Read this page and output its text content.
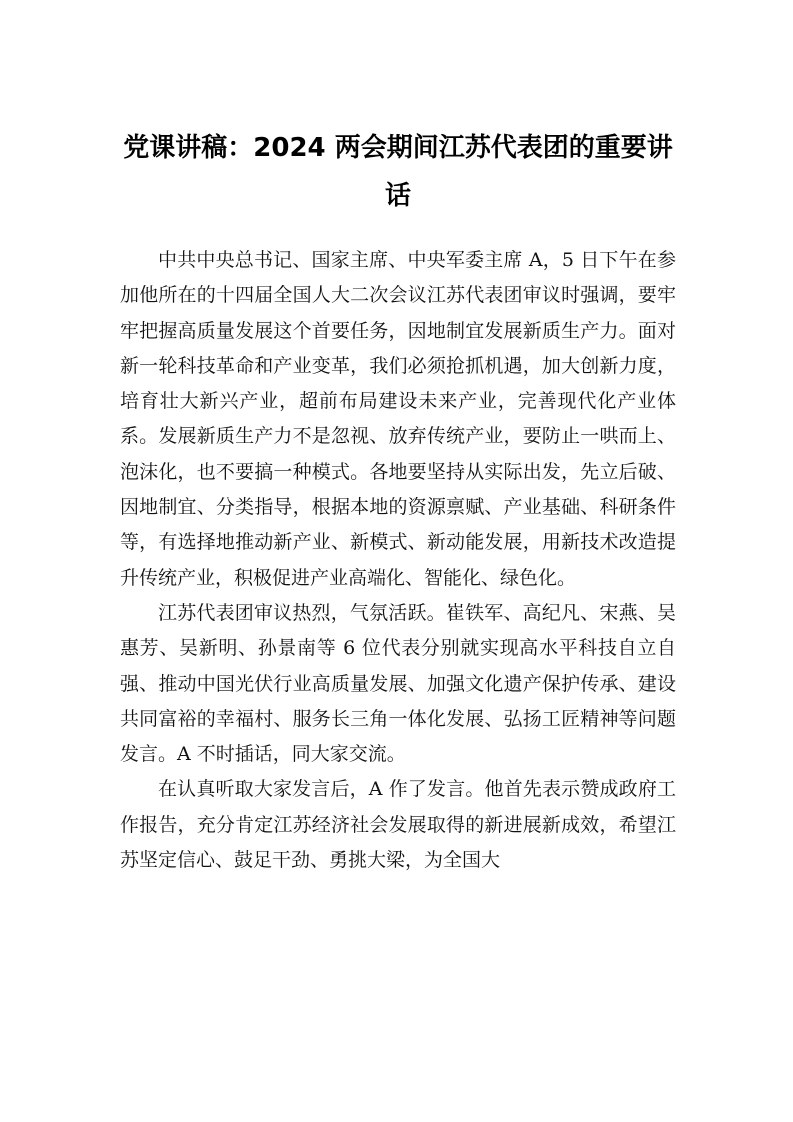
党课讲稿：2024 两会期间江苏代表团的重要讲话

中共中央总书记、国家主席、中央军委主席 A，5 日下午在参加他所在的十四届全国人大二次会议江苏代表团审议时强调，要牢牢把握高质量发展这个首要任务，因地制宜发展新质生产力。面对新一轮科技革命和产业变革，我们必须抢抓机遇，加大创新力度，培育壮大新兴产业，超前布局建设未来产业，完善现代化产业体系。发展新质生产力不是忽视、放弃传统产业，要防止一哄而上、泡沫化，也不要搞一种模式。各地要坚持从实际出发，先立后破、因地制宜、分类指导，根据本地的资源禀赋、产业基础、科研条件等，有选择地推动新产业、新模式、新动能发展，用新技术改造提升传统产业，积极促进产业高端化、智能化、绿色化。

江苏代表团审议热烈，气氛活跃。崔铁军、高纪凡、宋燕、吴惠芳、吴新明、孙景南等 6 位代表分别就实现高水平科技自立自强、推动中国光伏行业高质量发展、加强文化遗产保护传承、建设共同富裕的幸福村、服务长三角一体化发展、弘扬工匠精神等问题发言。A 不时插话，同大家交流。

在认真听取大家发言后，A 作了发言。他首先表示赞成政府工作报告，充分肯定江苏经济社会发展取得的新进展新成效，希望江苏坚定信心、鼓足干劲、勇挑大梁，为全国大
